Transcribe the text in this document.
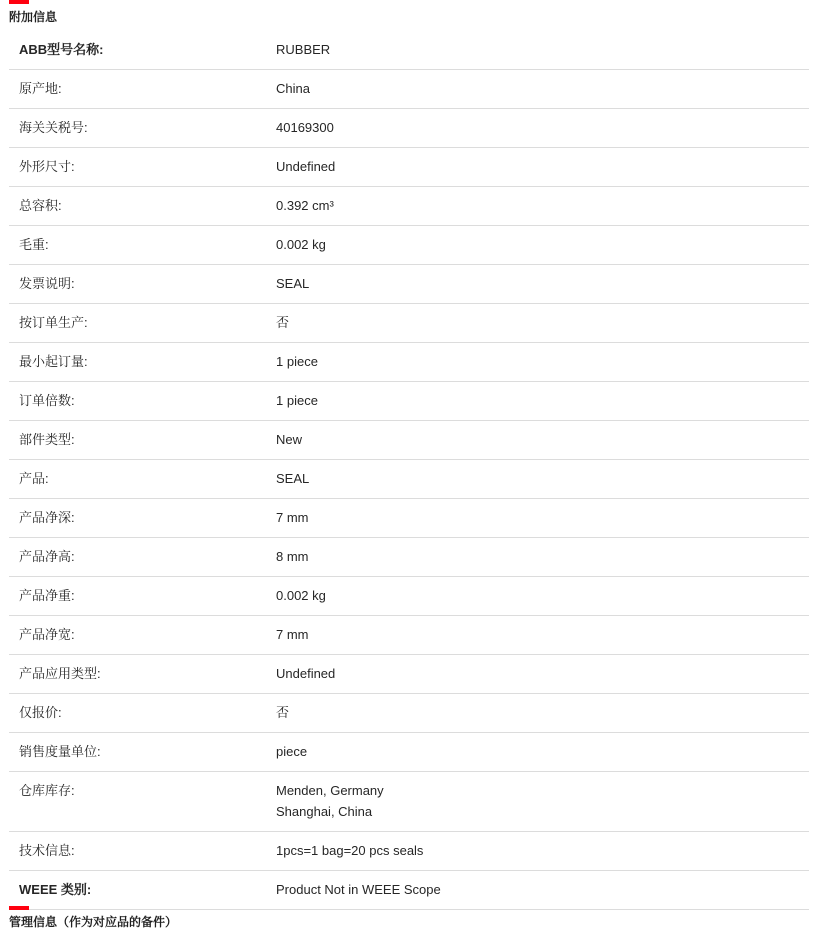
附加信息
ABB型号名称:	RUBBER
原产地:	China
海关关税号:	40169300
外形尺寸:	Undefined
总容积:	0.392 cm³
毛重:	0.002 kg
发票说明:	SEAL
按订单生产:	否
最小起订量:	1 piece
订单倍数:	1 piece
部件类型:	New
产品:	SEAL
产品净深:	7 mm
产品净高:	8 mm
产品净重:	0.002 kg
产品净宽:	7 mm
产品应用类型:	Undefined
仅报价:	否
销售度量单位:	piece
仓库库存:	Menden, Germany
Shanghai, China

技术信息:	1pcs=1 bag=20 pcs seals
WEEE 类别:	Product Not in WEEE Scope
管理信息（作为对应品的备件）
